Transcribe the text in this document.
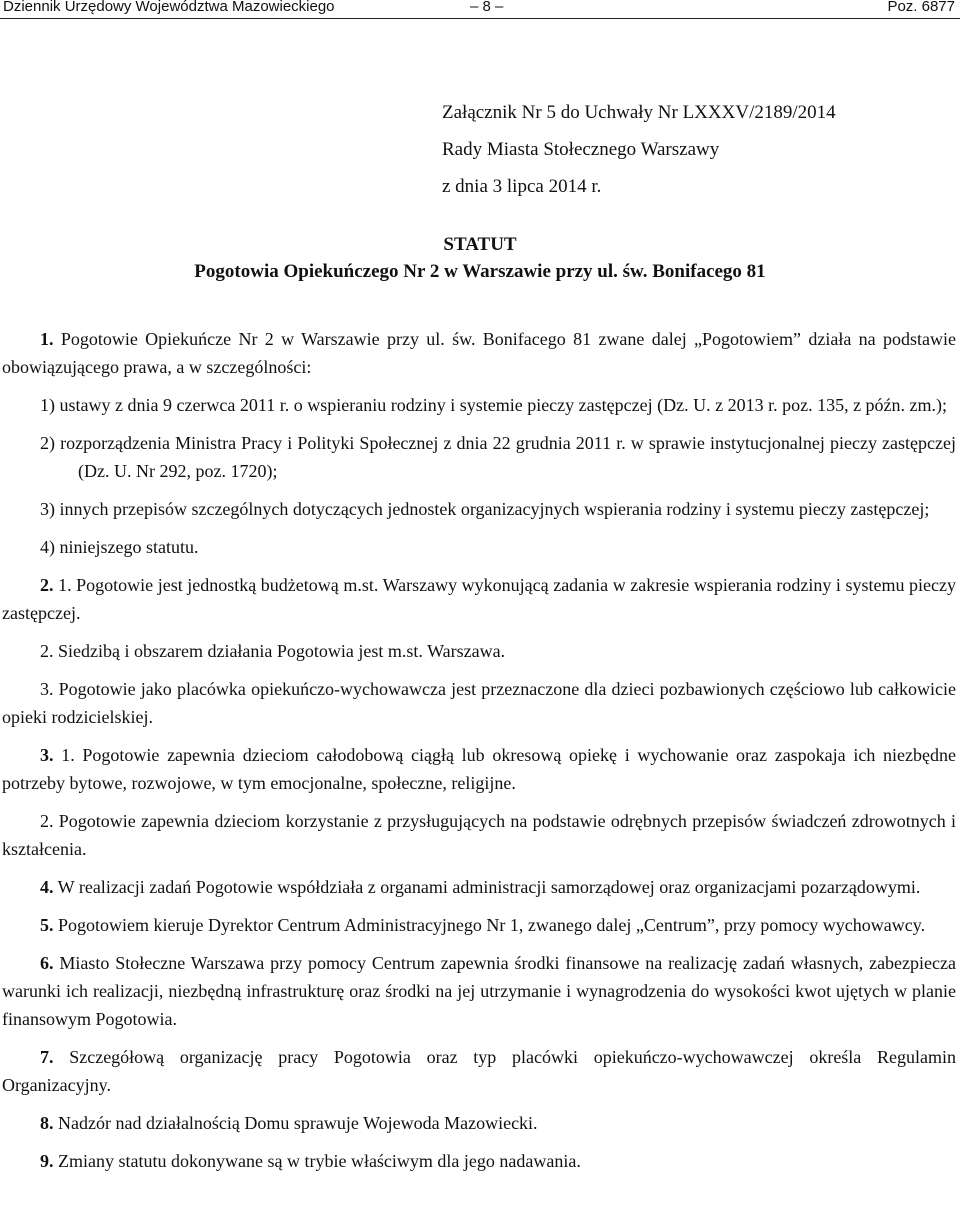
Dziennik Urzędowy Województwa Mazowieckiego	– 8 –	Poz. 6877
Załącznik Nr 5 do Uchwały Nr LXXXV/2189/2014
Rady Miasta Stołecznego Warszawy
z dnia 3 lipca 2014 r.
STATUT
Pogotowia Opiekuńczego Nr 2 w Warszawie przy ul. św. Bonifacego 81
1. Pogotowie Opiekuńcze Nr 2 w Warszawie przy ul. św. Bonifacego 81 zwane dalej „Pogotowiem” działa na podstawie obowiązującego prawa, a w szczególności:
1) ustawy z dnia 9 czerwca 2011 r. o wspieraniu rodziny i systemie pieczy zastępczej (Dz. U. z 2013 r. poz. 135, z późn. zm.);
2) rozporządzenia Ministra Pracy i Polityki Społecznej z dnia 22 grudnia 2011 r. w sprawie instytucjonalnej pieczy zastępczej (Dz. U. Nr 292, poz. 1720);
3) innych przepisów szczególnych dotyczących jednostek organizacyjnych wspierania rodziny i systemu pieczy zastępczej;
4) niniejszego statutu.
2. 1. Pogotowie jest jednostką budżetową m.st. Warszawy wykonującą zadania w zakresie wspierania rodziny i systemu pieczy zastępczej.
2. Siedzibą i obszarem działania Pogotowia jest m.st. Warszawa.
3. Pogotowie jako placówka opiekuńczo-wychowawcza jest przeznaczone dla dzieci pozbawionych częściowo lub całkowicie opieki rodzicielskiej.
3. 1. Pogotowie zapewnia dzieciom całodobową ciągłą lub okresową opiekę i wychowanie oraz zaspokaja ich niezbędne potrzeby bytowe, rozwojowe, w tym emocjonalne, społeczne, religijne.
2. Pogotowie zapewnia dzieciom korzystanie z przysługujących na podstawie odrębnych przepisów świadczeń zdrowotnych i kształcenia.
4. W realizacji zadań Pogotowie współdziała z organami administracji samorządowej oraz organizacjami pozarządowymi.
5. Pogotowiem kieruje Dyrektor Centrum Administracyjnego Nr 1, zwanego dalej „Centrum”, przy pomocy wychowawcy.
6. Miasto Stołeczne Warszawa przy pomocy Centrum zapewnia środki finansowe na realizację zadań własnych, zabezpiecza warunki ich realizacji, niezbędną infrastrukturę oraz środki na jej utrzymanie i wynagrodzenia do wysokości kwot ujętych w planie finansowym Pogotowia.
7. Szczegółową organizację pracy Pogotowia oraz typ placówki opiekuńczo-wychowawczej określa Regulamin Organizacyjny.
8. Nadzór nad działalnością Domu sprawuje Wojewoda Mazowiecki.
9. Zmiany statutu dokonywane są w trybie właściwym dla jego nadawania.
